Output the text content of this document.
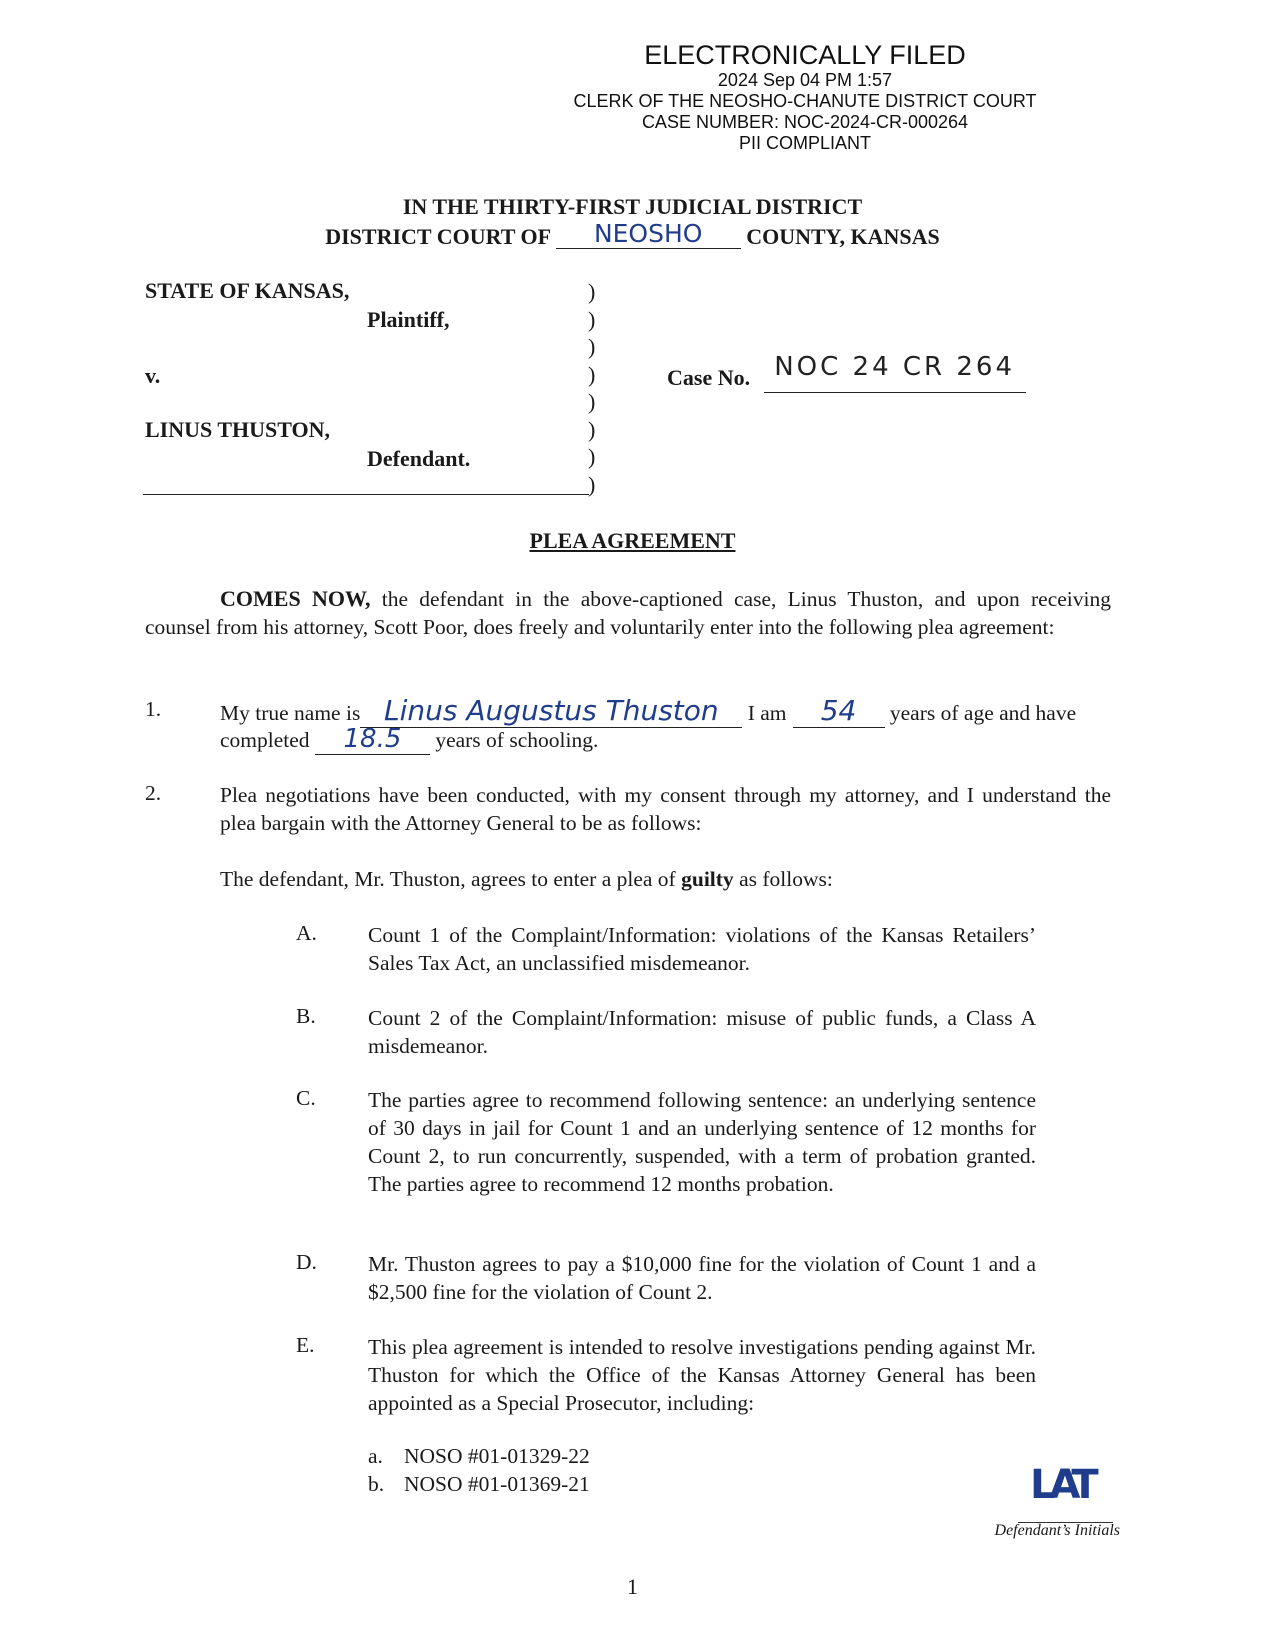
ELECTRONICALLY FILED
2024 Sep 04 PM 1:57
CLERK OF THE NEOSHO-CHANUTE DISTRICT COURT
CASE NUMBER: NOC-2024-CR-000264
PII COMPLIANT
IN THE THIRTY-FIRST JUDICIAL DISTRICT
DISTRICT COURT OF NEOSHO COUNTY, KANSAS
STATE OF KANSAS,
Plaintiff,
v.
LINUS THUSTON,
Defendant.
)
)
)
)
)
)
)
)
Case No. NOC 24 CR 264
PLEA AGREEMENT
COMES NOW, the defendant in the above-captioned case, Linus Thuston, and upon receiving counsel from his attorney, Scott Poor, does freely and voluntarily enter into the following plea agreement:
1.	My true name is Linus Augustus Thuston I am 54 years of age and have
completed 18.5 years of schooling.
2.	Plea negotiations have been conducted, with my consent through my attorney, and I understand the plea bargain with the Attorney General to be as follows:
The defendant, Mr. Thuston, agrees to enter a plea of guilty as follows:
A. Count 1 of the Complaint/Information: violations of the Kansas Retailers’ Sales Tax Act, an unclassified misdemeanor.
B. Count 2 of the Complaint/Information: misuse of public funds, a Class A misdemeanor.
C. The parties agree to recommend following sentence: an underlying sentence of 30 days in jail for Count 1 and an underlying sentence of 12 months for Count 2, to run concurrently, suspended, with a term of probation granted. The parties agree to recommend 12 months probation.
D. Mr. Thuston agrees to pay a $10,000 fine for the violation of Count 1 and a $2,500 fine for the violation of Count 2.
E. This plea agreement is intended to resolve investigations pending against Mr. Thuston for which the Office of the Kansas Attorney General has been appointed as a Special Prosecutor, including:
a. NOSO #01-01329-22
b. NOSO #01-01369-21	LAT
Defendant’s Initials
1
